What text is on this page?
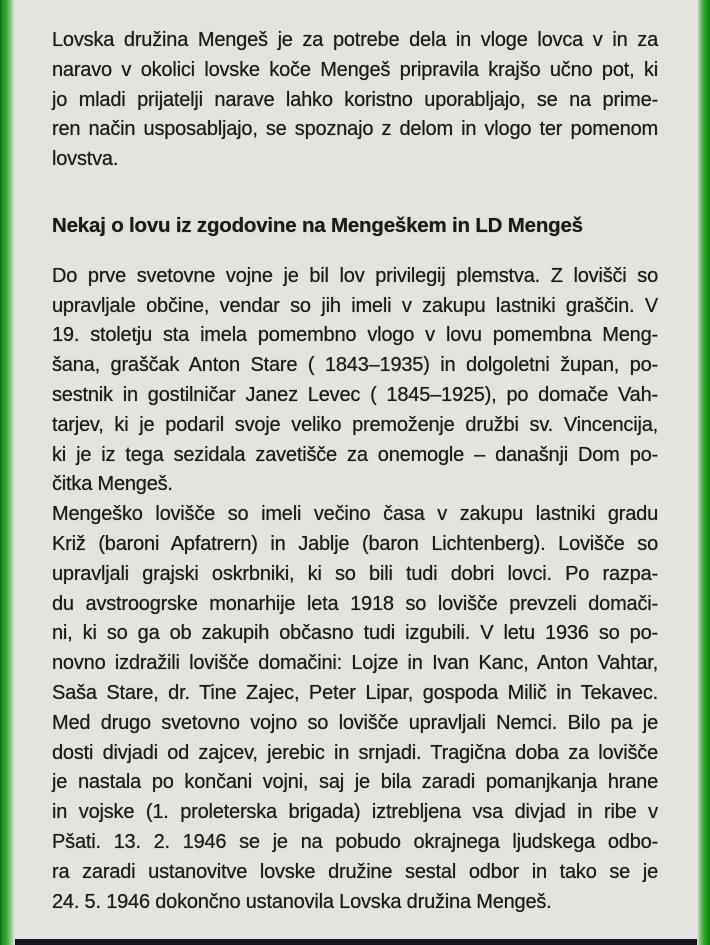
Lovska družina Mengeš je za potrebe dela in vloge lovca v in za
naravo v okolici lovske koče Mengeš pripravila krajšo učno pot, ki
jo mladi prijatelji narave lahko koristno uporabljajo, se na prime-
ren način usposabljajo, se spoznajo z delom in vlogo ter pomenom
lovstva.
Nekaj o lovu iz zgodovine na Mengeškem in LD Mengeš
Do prve svetovne vojne je bil lov privilegij plemstva. Z lovišči so
upravljale občine, vendar so jih imeli v zakupu lastniki graščin. V
19. stoletju sta imela pomembno vlogo v lovu pomembna Meng-
šana, graščak Anton Stare ( 1843–1935) in dolgoletni župan, po-
sestnik in gostilničar Janez Levec ( 1845–1925), po domače Vah-
tarjev, ki je podaril svoje veliko premoženje družbi sv. Vincencija,
ki je iz tega sezidala zavetišče za onemogle – današnji Dom po-
čitka Mengeš.
Mengeško lovišče so imeli večino časa v zakupu lastniki gradu
Križ (baroni Apfatrern) in Jablje (baron Lichtenberg). Lovišče so
upravljali grajski oskrbniki, ki so bili tudi dobri lovci. Po razpa-
du avstroogrske monarhije leta 1918 so lovišče prevzeli domači-
ni, ki so ga ob zakupih občasno tudi izgubili. V letu 1936 so po-
novno izdražili lovišče domačini: Lojze in Ivan Kanc, Anton Vahtar,
Saša Stare, dr. Tine Zajec, Peter Lipar, gospoda Milič in Tekavec.
Med drugo svetovno vojno so lovišče upravljali Nemci. Bilo pa je
dosti divjadi od zajcev, jerebic in srnjadi. Tragična doba za lovišče
je nastala po končani vojni, saj je bila zaradi pomanjkanja hrane
in vojske (1. proleterska brigada) iztrebljena vsa divjad in ribe v
Pšati. 13. 2. 1946 se je na pobudo okrajnega ljudskega odbo-
ra zaradi ustanovitve lovske družine sestal odbor in tako se je
24. 5. 1946 dokončno ustanovila Lovska družina Mengeš.
